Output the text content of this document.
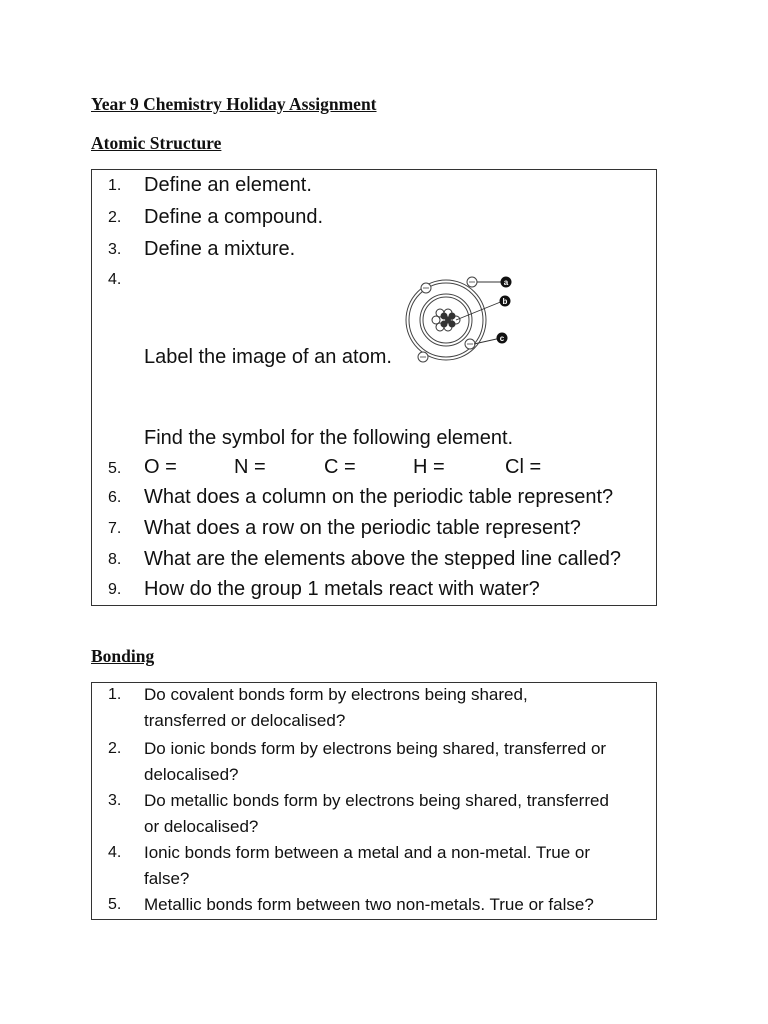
Year 9 Chemistry Holiday Assignment
Atomic Structure
1. Define an element.
2. Define a compound.
3. Define a mixture.
4.	a
b
c
Label the image of an atom.
Find the symbol for the following element.
5. O =	N =	C =	H =	Cl =
6. What does a column on the periodic table represent?
7. What does a row on the periodic table represent?
8. What are the elements above the stepped line called?
9. How do the group 1 metals react with water?
Bonding
1. Do covalent bonds form by electrons being shared,
transferred or delocalised?
2. Do ionic bonds form by electrons being shared, transferred or
delocalised?
3. Do metallic bonds form by electrons being shared, transferred
or delocalised?
4. Ionic bonds form between a metal and a non-metal. True or
false?
5. Metallic bonds form between two non-metals. True or false?
